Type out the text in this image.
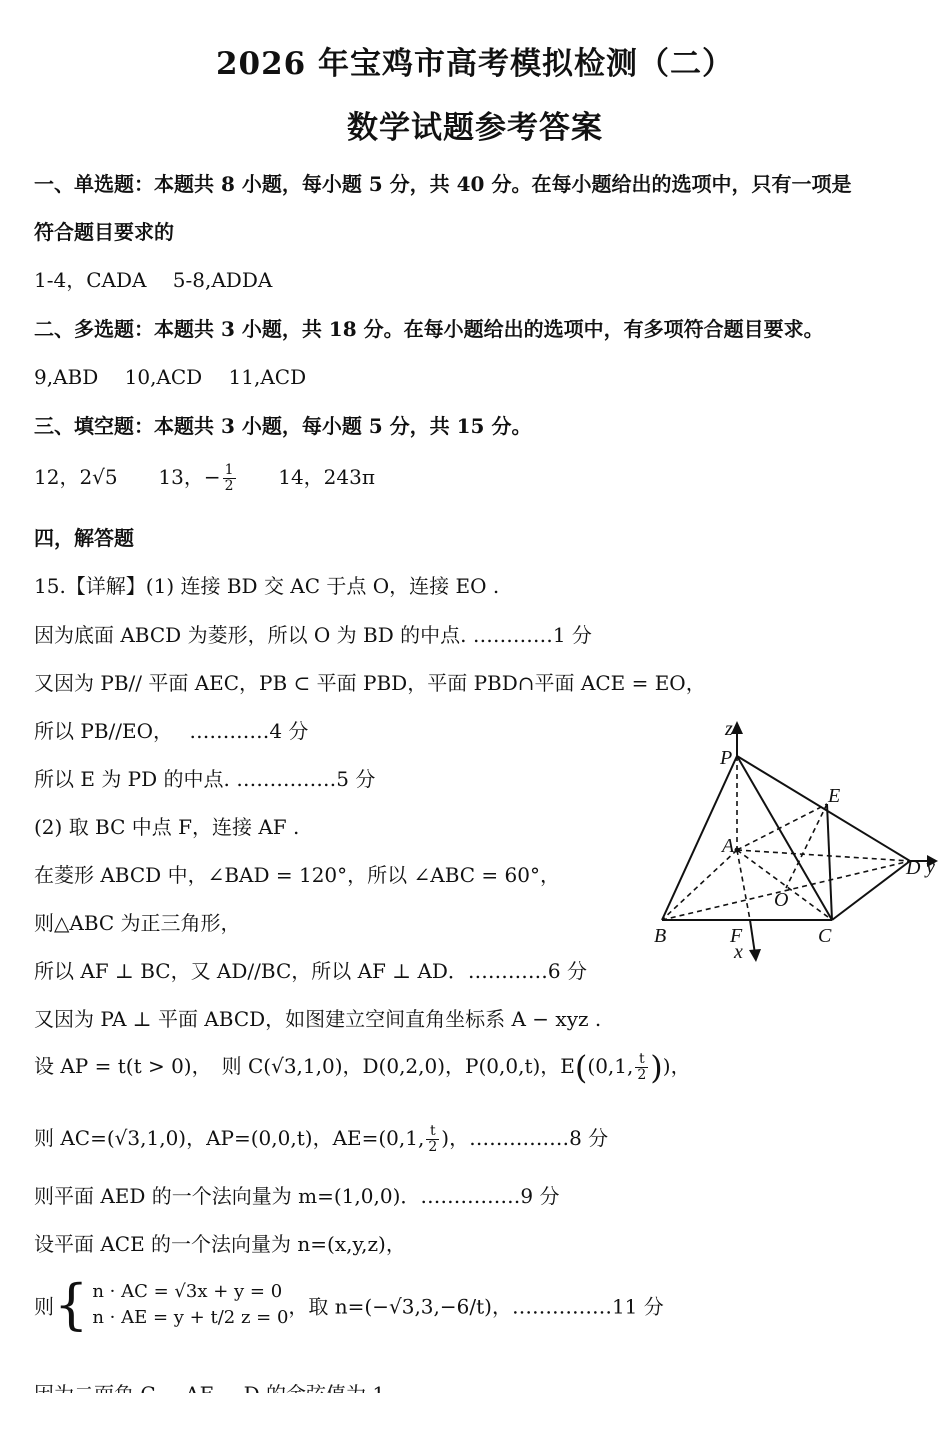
2026 年宝鸡市高考模拟检测（二）
数学试题参考答案
一、单选题：本题共 8 小题，每小题 5 分，共 40 分。在每小题给出的选项中，只有一项是
符合题目要求的
1-4，CADA　 5-8,ADDA
二、多选题：本题共 3 小题，共 18 分。在每小题给出的选项中，有多项符合题目要求。
9,ABD　 10,ACD　 11,ACD
三、填空题：本题共 3 小题，每小题 5 分，共 15 分。
12，2√5 13，− $\frac{1}{2} 14$，243π
四，解答题
15.【详解】(1) 连接 BD 交 AC 于点 O，连接 EO .
因为底面 ABCD 为菱形，所以 O 为 BD 的中点. …………1 分
又因为 PB// 平面 AEC，PB ⊂ 平面 PBD，平面 PBD∩平面 ACE = EO，
所以 PB//EO，　 …………4 分
所以 E 为 PD 的中点. ……………5 分
(2) 取 BC 中点 F，连接 AF .
在菱形 ABCD 中，∠BAD = 120°，所以 ∠ABC = 60°，
则△ABC 为正三角形，
所以 AF ⊥ BC，又 AD//BC，所以 AF ⊥ AD．…………6 分
又因为 PA ⊥ 平面 ABCD，如图建立空间直角坐标系 A − xyz .
设 AP = t(t > 0)，　则 C(√3,1,0)，D(0,2,0)，P(0,0,t)，E((0,1, $\frac{t}{2}$ ))，
则 AC=(√3,1,0)，AP=(0,0,t)，AE=(0,1, $\frac{t}{2}$ )，……………8 分
则平面 AED 的一个法向量为 m=(1,0,0)．……………9 分
设平面 ACE 的一个法向量为 n=(x,y,z)，
则{ n · AC = √3x + y = 0
n · AE = y + t/2 z = 0 ，取 n=(−√3,3,−6/t)，……………11 分
z
P
E
A
D y
O
B	F	C
x
